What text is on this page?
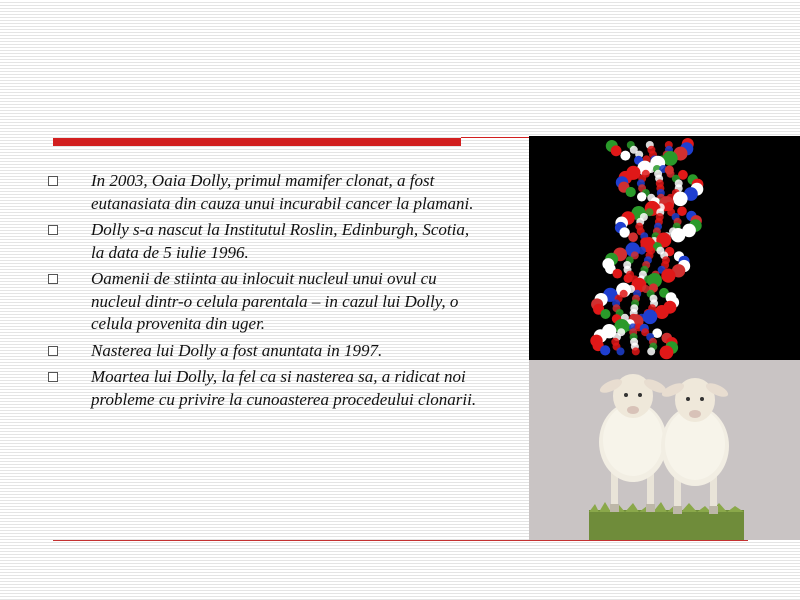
In 2003, Oaia Dolly, primul mamifer clonat, a fost eutanasiata din cauza unui incurabil cancer la plamani.
Dolly s-a nascut la Institutul Roslin, Edinburgh, Scotia, la data de 5 iulie 1996.
Oamenii de stiinta au inlocuit nucleul unui ovul cu nucleul dintr-o celula parentala – in cazul lui Dolly, o celula provenita din uger.
Nasterea lui Dolly a fost anuntata in 1997.
Moartea lui Dolly, la fel ca si nasterea sa, a ridicat noi probleme cu privire la cunoasterea procedeului clonarii.
